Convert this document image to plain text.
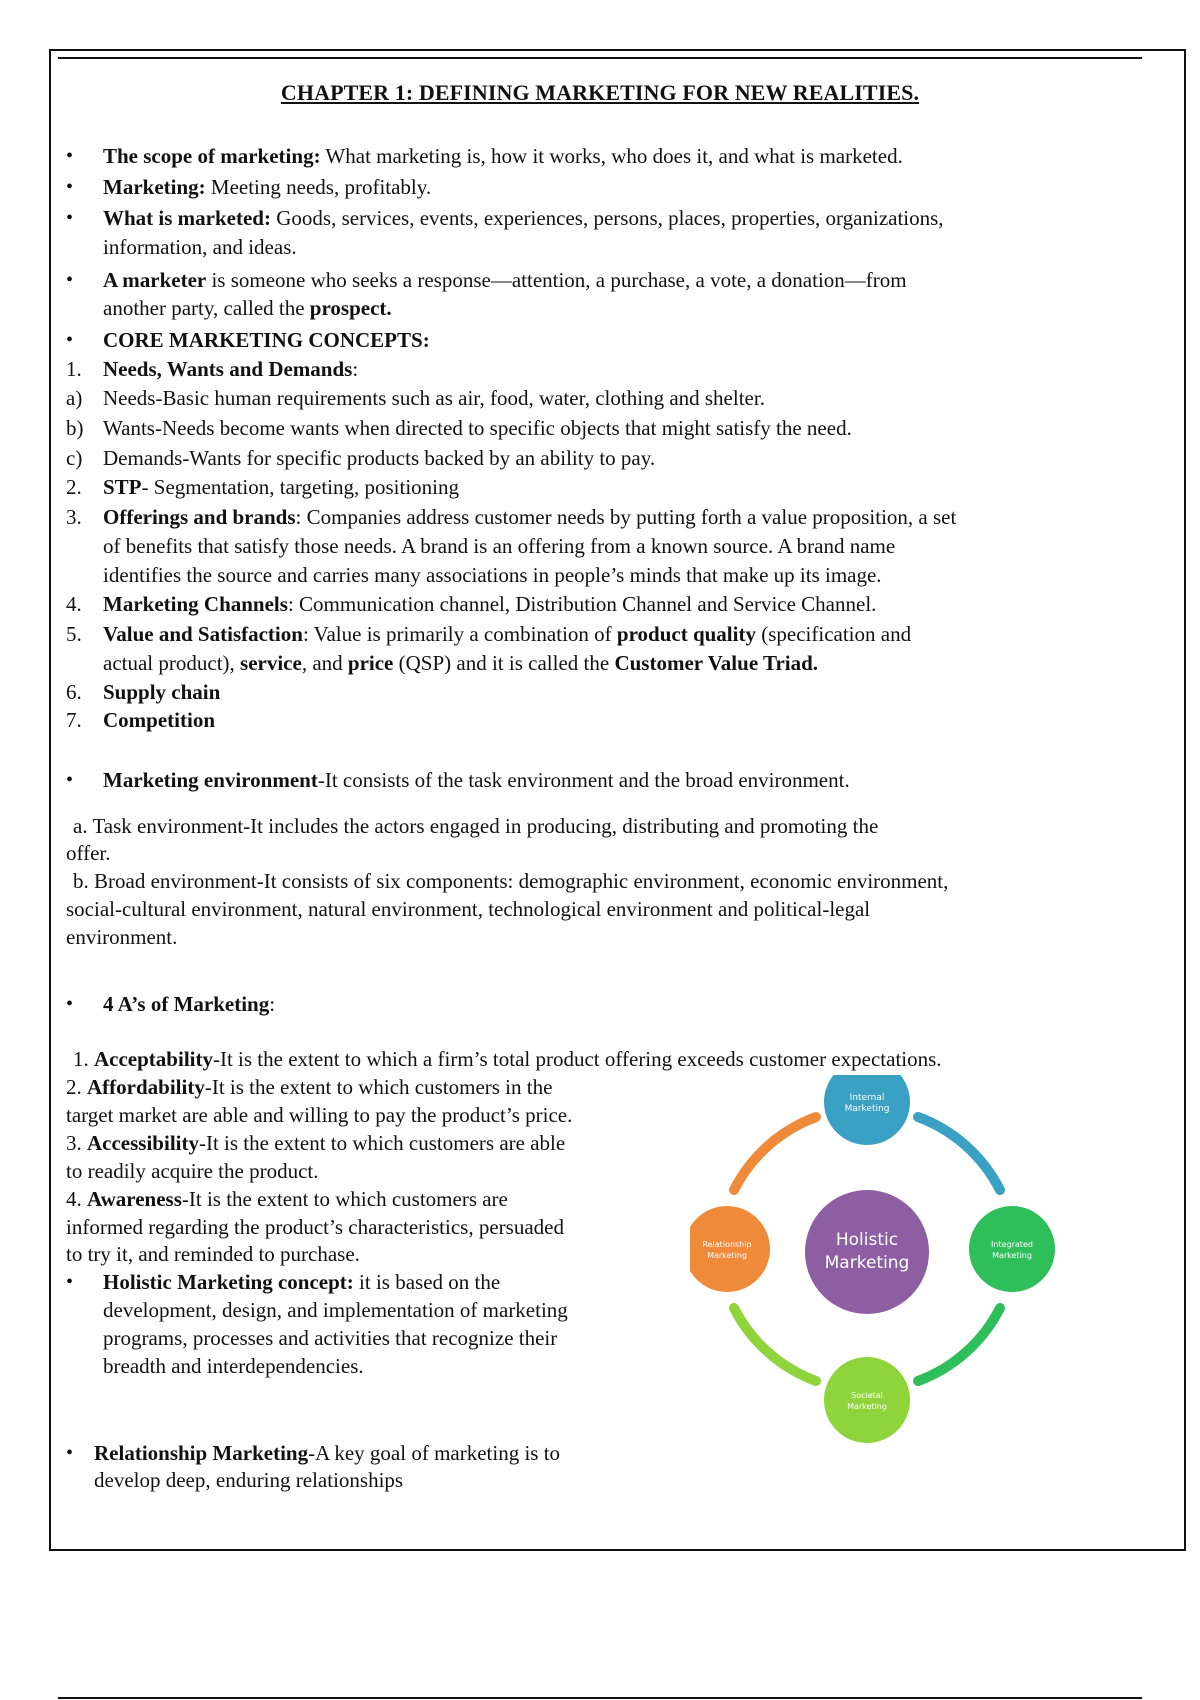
CHAPTER 1: DEFINING MARKETING FOR NEW REALITIES.
• The scope of marketing: What marketing is, how it works, who does it, and what is marketed.
• Marketing: Meeting needs, profitably.
• What is marketed: Goods, services, events, experiences, persons, places, properties, organizations,
information, and ideas.
• A marketer is someone who seeks a response—attention, a purchase, a vote, a donation—from
another party, called the prospect.
• CORE MARKETING CONCEPTS:
1. Needs, Wants and Demands:
a) Needs-Basic human requirements such as air, food, water, clothing and shelter.
b) Wants-Needs become wants when directed to specific objects that might satisfy the need.
c) Demands-Wants for specific products backed by an ability to pay.
2. STP- Segmentation, targeting, positioning
3. Offerings and brands: Companies address customer needs by putting forth a value proposition, a set
of benefits that satisfy those needs. A brand is an offering from a known source. A brand name
identifies the source and carries many associations in people’s minds that make up its image.
4. Marketing Channels: Communication channel, Distribution Channel and Service Channel.
5. Value and Satisfaction: Value is primarily a combination of product quality (specification and
actual product), service, and price (QSP) and it is called the Customer Value Triad.
6. Supply chain
7. Competition
• Marketing environment-It consists of the task environment and the broad environment.
a. Task environment-It includes the actors engaged in producing, distributing and promoting the
offer.
b. Broad environment-It consists of six components: demographic environment, economic environment,
social-cultural environment, natural environment, technological environment and political-legal
environment.
• 4 A’s of Marketing:
1. Acceptability-It is the extent to which a firm’s total product offering exceeds customer expectations.
2. Affordability-It is the extent to which customers in the
target market are able and willing to pay the product’s price.
3. Accessibility-It is the extent to which customers are able
to readily acquire the product.
4. Awareness-It is the extent to which customers are
informed regarding the product’s characteristics, persuaded
to try it, and reminded to purchase.
• Holistic Marketing concept: it is based on the
development, design, and implementation of marketing
programs, processes and activities that recognize their
breadth and interdependencies.
• Relationship Marketing-A key goal of marketing is to
develop deep, enduring relationships
Holistic
Marketing
Internal
Marketing
Integrated
Marketing
Societal
Marketing
Relationship
Marketing
